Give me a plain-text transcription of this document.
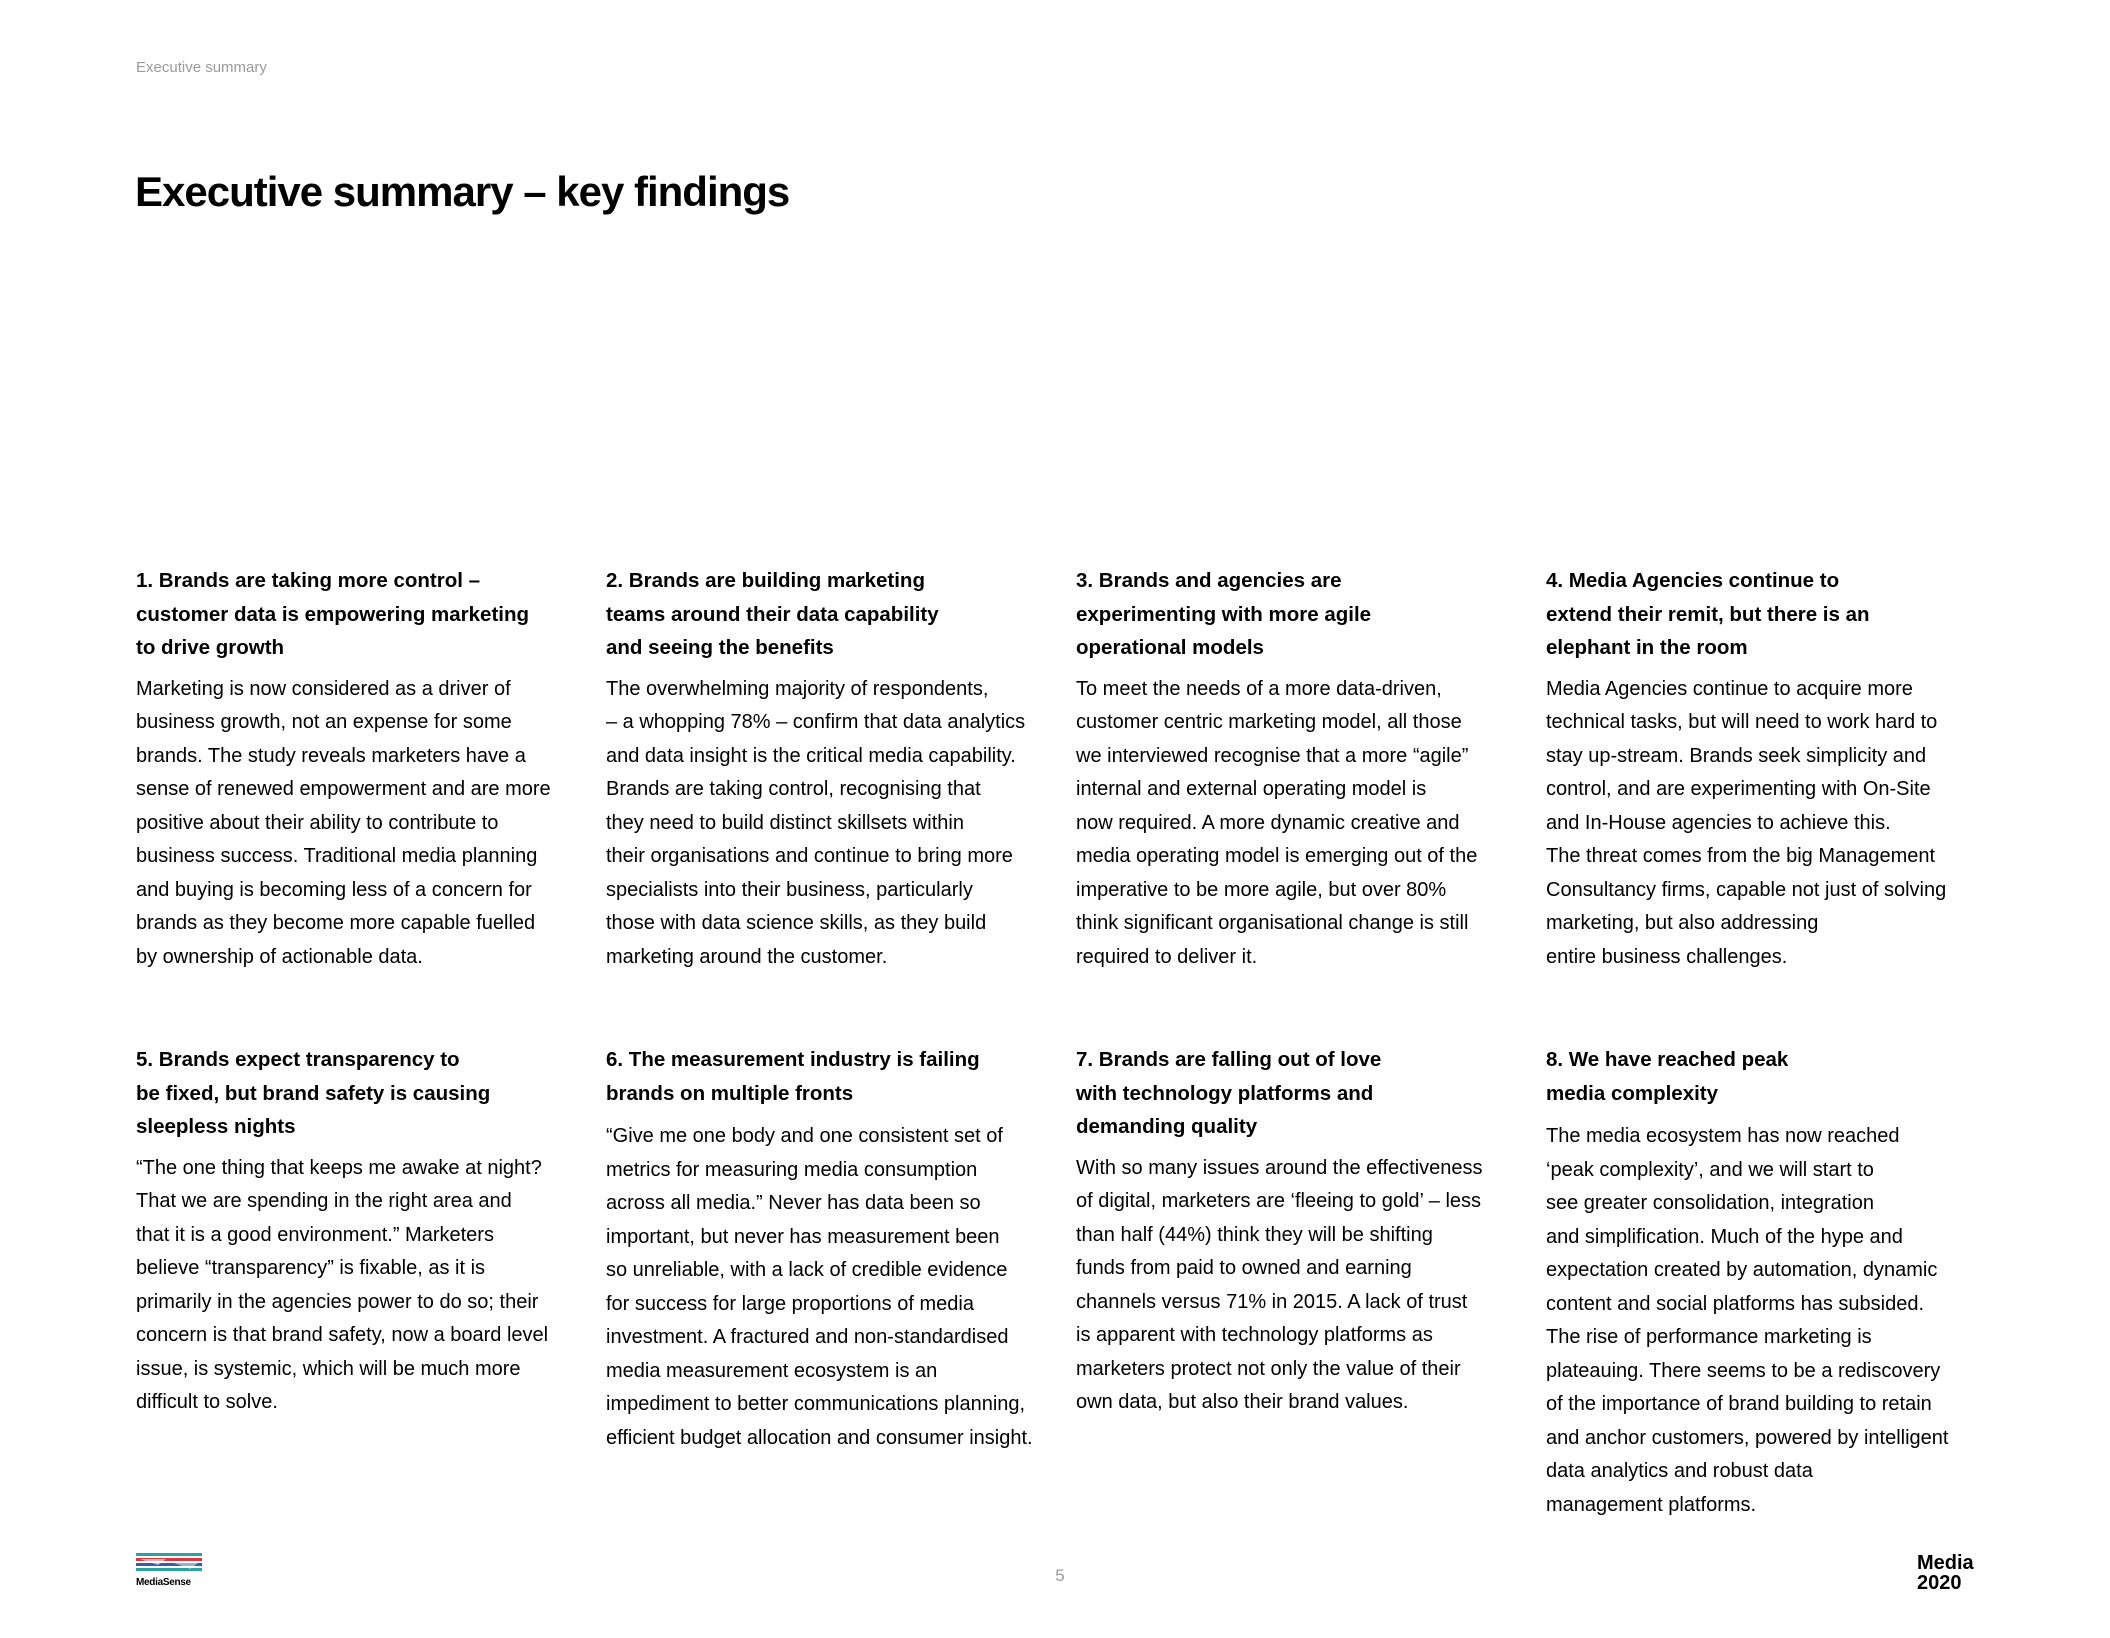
Executive summary
Executive summary – key findings
1. Brands are taking more control –
customer data is empowering marketing
to drive growth

Marketing is now considered as a driver of
business growth, not an expense for some
brands. The study reveals marketers have a
sense of renewed empowerment and are more
positive about their ability to contribute to
business success. Traditional media planning
and buying is becoming less of a concern for
brands as they become more capable fuelled
by ownership of actionable data.

2. Brands are building marketing
teams around their data capability
and seeing the benefits

The overwhelming majority of respondents,
– a whopping 78% – confirm that data analytics
and data insight is the critical media capability.
Brands are taking control, recognising that
they need to build distinct skillsets within
their organisations and continue to bring more
specialists into their business, particularly
those with data science skills, as they build
marketing around the customer.

3. Brands and agencies are
experimenting with more agile
operational models

To meet the needs of a more data-driven,
customer centric marketing model, all those
we interviewed recognise that a more “agile”
internal and external operating model is
now required. A more dynamic creative and
media operating model is emerging out of the
imperative to be more agile, but over 80%
think significant organisational change is still
required to deliver it.

4. Media Agencies continue to
extend their remit, but there is an
elephant in the room

Media Agencies continue to acquire more
technical tasks, but will need to work hard to
stay up-stream. Brands seek simplicity and
control, and are experimenting with On-Site
and In-House agencies to achieve this.
The threat comes from the big Management
Consultancy firms, capable not just of solving
marketing, but also addressing
entire business challenges.

5. Brands expect transparency to
be fixed, but brand safety is causing
sleepless nights

“The one thing that keeps me awake at night?
That we are spending in the right area and
that it is a good environment.” Marketers
believe “transparency” is fixable, as it is
primarily in the agencies power to do so; their
concern is that brand safety, now a board level
issue, is systemic, which will be much more
difficult to solve.

6. The measurement industry is failing
brands on multiple fronts

“Give me one body and one consistent set of
metrics for measuring media consumption
across all media.” Never has data been so
important, but never has measurement been
so unreliable, with a lack of credible evidence
for success for large proportions of media
investment. A fractured and non-standardised
media measurement ecosystem is an
impediment to better communications planning,
efficient budget allocation and consumer insight.

7. Brands are falling out of love
with technology platforms and
demanding quality

With so many issues around the effectiveness
of digital, marketers are ‘fleeing to gold’ – less
than half (44%) think they will be shifting
funds from paid to owned and earning
channels versus 71% in 2015. A lack of trust
is apparent with technology platforms as
marketers protect not only the value of their
own data, but also their brand values.

8. We have reached peak
media complexity

The media ecosystem has now reached
‘peak complexity’, and we will start to
see greater consolidation, integration
and simplification. Much of the hype and
expectation created by automation, dynamic
content and social platforms has subsided.
The rise of performance marketing is
plateauing. There seems to be a rediscovery
of the importance of brand building to retain
and anchor customers, powered by intelligent
data analytics and robust data
management platforms.

MediaSense	5
Media
2020
